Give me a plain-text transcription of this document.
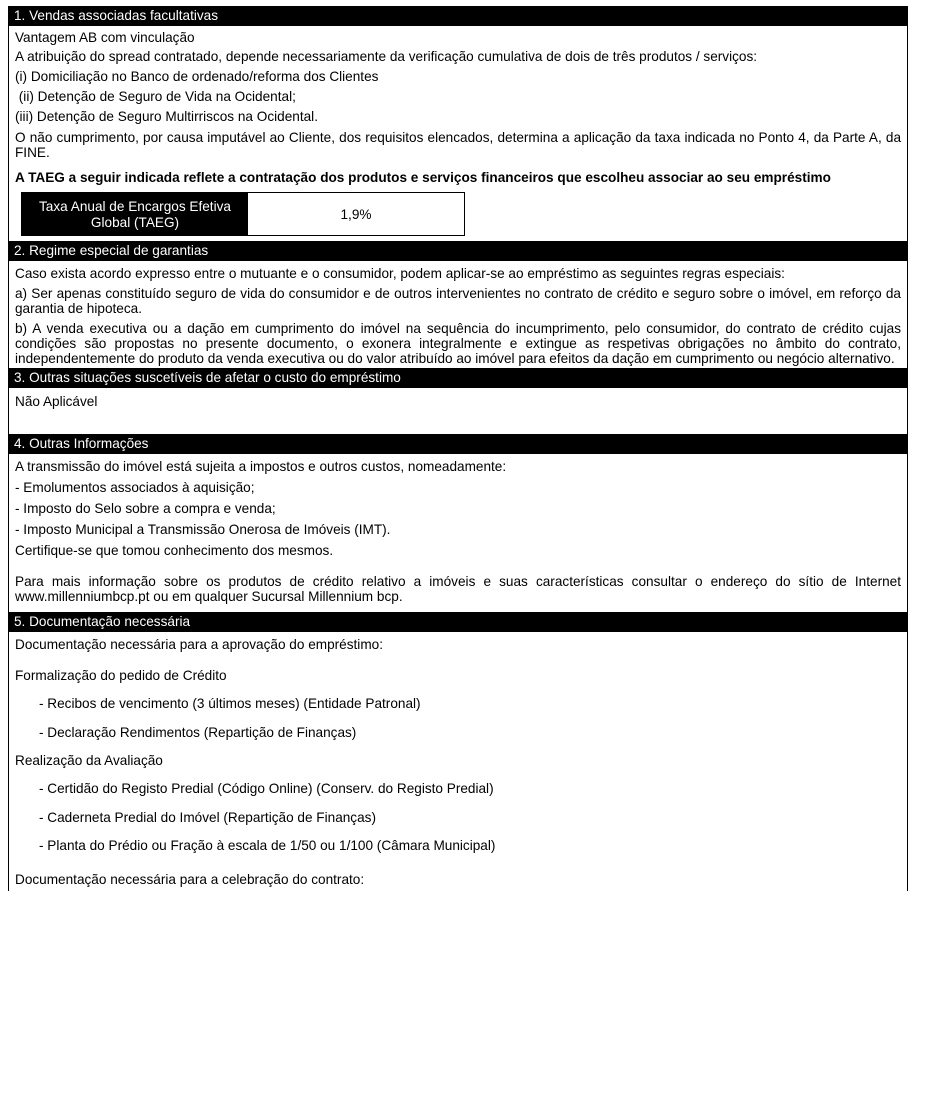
1. Vendas associadas facultativas
Vantagem AB com vinculação
A atribuição do spread contratado, depende necessariamente da verificação cumulativa de dois de três produtos / serviços:
(i) Domiciliação no Banco de ordenado/reforma dos Clientes
(ii) Detenção de Seguro de Vida na Ocidental;
(iii) Detenção de Seguro Multirriscos na Ocidental.
O não cumprimento, por causa imputável ao Cliente, dos requisitos elencados, determina a aplicação da taxa indicada no Ponto 4, da Parte A, da FINE.
A TAEG a seguir indicada reflete a contratação dos produtos e serviços financeiros que escolheu associar ao seu empréstimo
Taxa Anual de Encargos Efetiva Global (TAEG)
1,9%
2. Regime especial de garantias
Caso exista acordo expresso entre o mutuante e o consumidor, podem aplicar-se ao empréstimo as seguintes regras especiais:
a) Ser apenas constituído seguro de vida do consumidor e de outros intervenientes no contrato de crédito e seguro sobre o imóvel, em reforço da garantia de hipoteca.
b) A venda executiva ou a dação em cumprimento do imóvel na sequência do incumprimento, pelo consumidor, do contrato de crédito cujas condições são propostas no presente documento, o exonera integralmente e extingue as respetivas obrigações no âmbito do contrato, independentemente do produto da venda executiva ou do valor atribuído ao imóvel para efeitos da dação em cumprimento ou negócio alternativo.
3. Outras situações suscetíveis de afetar o custo do empréstimo
Não Aplicável
4. Outras Informações
A transmissão do imóvel está sujeita a impostos e outros custos, nomeadamente:
- Emolumentos associados à aquisição;
- Imposto do Selo sobre a compra e venda;
- Imposto Municipal a Transmissão Onerosa de Imóveis (IMT).
Certifique-se que tomou conhecimento dos mesmos.
Para mais informação sobre os produtos de crédito relativo a imóveis e suas características consultar o endereço do sítio de Internet www.millenniumbcp.pt ou em qualquer Sucursal Millennium bcp.
5. Documentação necessária
Documentação necessária para a aprovação do empréstimo:
Formalização do pedido de Crédito
- Recibos de vencimento (3 últimos meses) (Entidade Patronal)
- Declaração Rendimentos (Repartição de Finanças)
Realização da Avaliação
- Certidão do Registo Predial (Código Online) (Conserv. do Registo Predial)
- Caderneta Predial do Imóvel (Repartição de Finanças)
- Planta do Prédio ou Fração à escala de 1/50 ou 1/100 (Câmara Municipal)
Documentação necessária para a celebração do contrato:
